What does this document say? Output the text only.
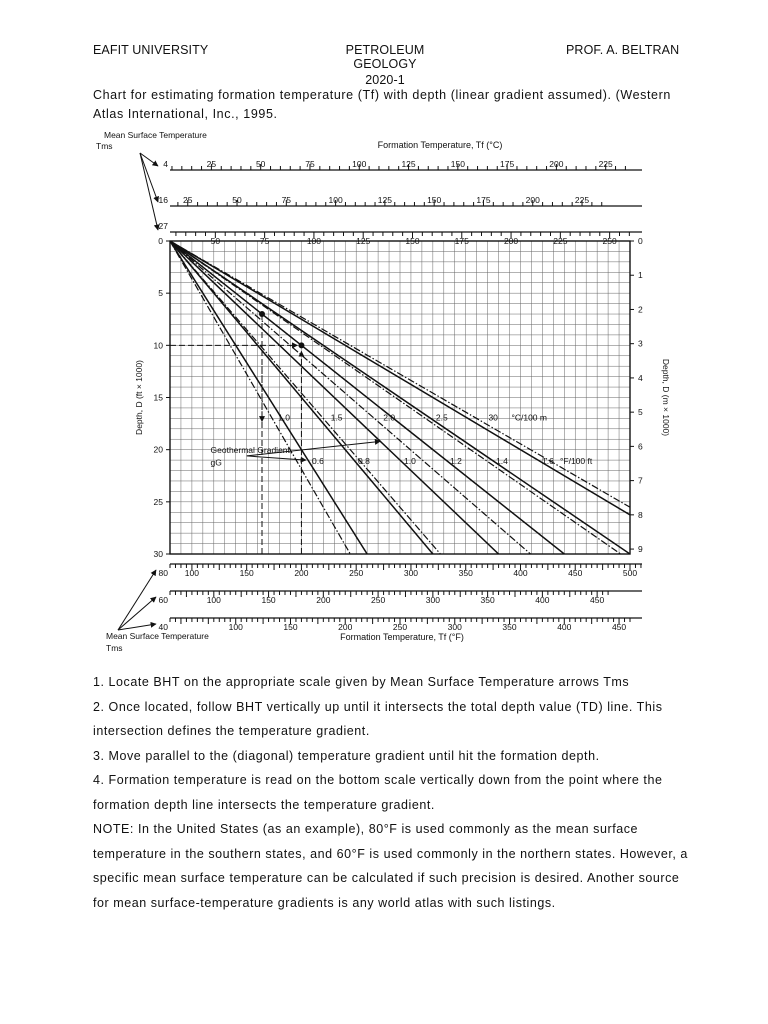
EAFIT UNIVERSITY	PETROLEUM GEOLOGY
2020-1
PROF. A. BELTRAN
Chart for estimating formation temperature (Tf) with depth (linear gradient assumed). (Western Atlas International, Inc., 1995.
0.6	0.8	1.0	1.2	1.4	1.6
1.0	1.5	2.0	2.5	30 °C/100 m
°F/100 ft
Geothermal Gradient,
gG
0
5
10
15
20
25
30
Depth, D (ft × 1000)
0
1
2
3
4
5
6
7
8
9
Depth, D (m × 1000)
25	50	75	100	125	150	175	200	225
4
25	50	75	100	125	150	175	200	225
16
50	75	100	125	150	175	200	225	250
27
Formation Temperature, Tf (°C)
100	150	200	250	300	350	400	450	500
80
100	150	200	250	300	350	400	450
60
100	150	200	250	300	350	400	450
40
Formation Temperature, Tf (°F)
Mean Surface Temperature
Tms
Mean Surface Temperature
Tms

1. Locate BHT on the appropriate scale given by Mean Surface Temperature arrows Tms

2. Once located, follow BHT vertically up until it intersects the total depth value (TD) line. This intersection defines the temperature gradient.

3. Move parallel to the (diagonal) temperature gradient until hit the formation depth.

4. Formation temperature is read on the bottom scale vertically down from the point where the formation depth line intersects the temperature gradient.

NOTE: In the United States (as an example), 80°F is used commonly as the mean surface temperature in the southern states, and 60°F is used commonly in the northern states. However, a specific mean surface temperature can be calculated if such precision is desired. Another source for mean surface-temperature gradients is any world atlas with such listings.
